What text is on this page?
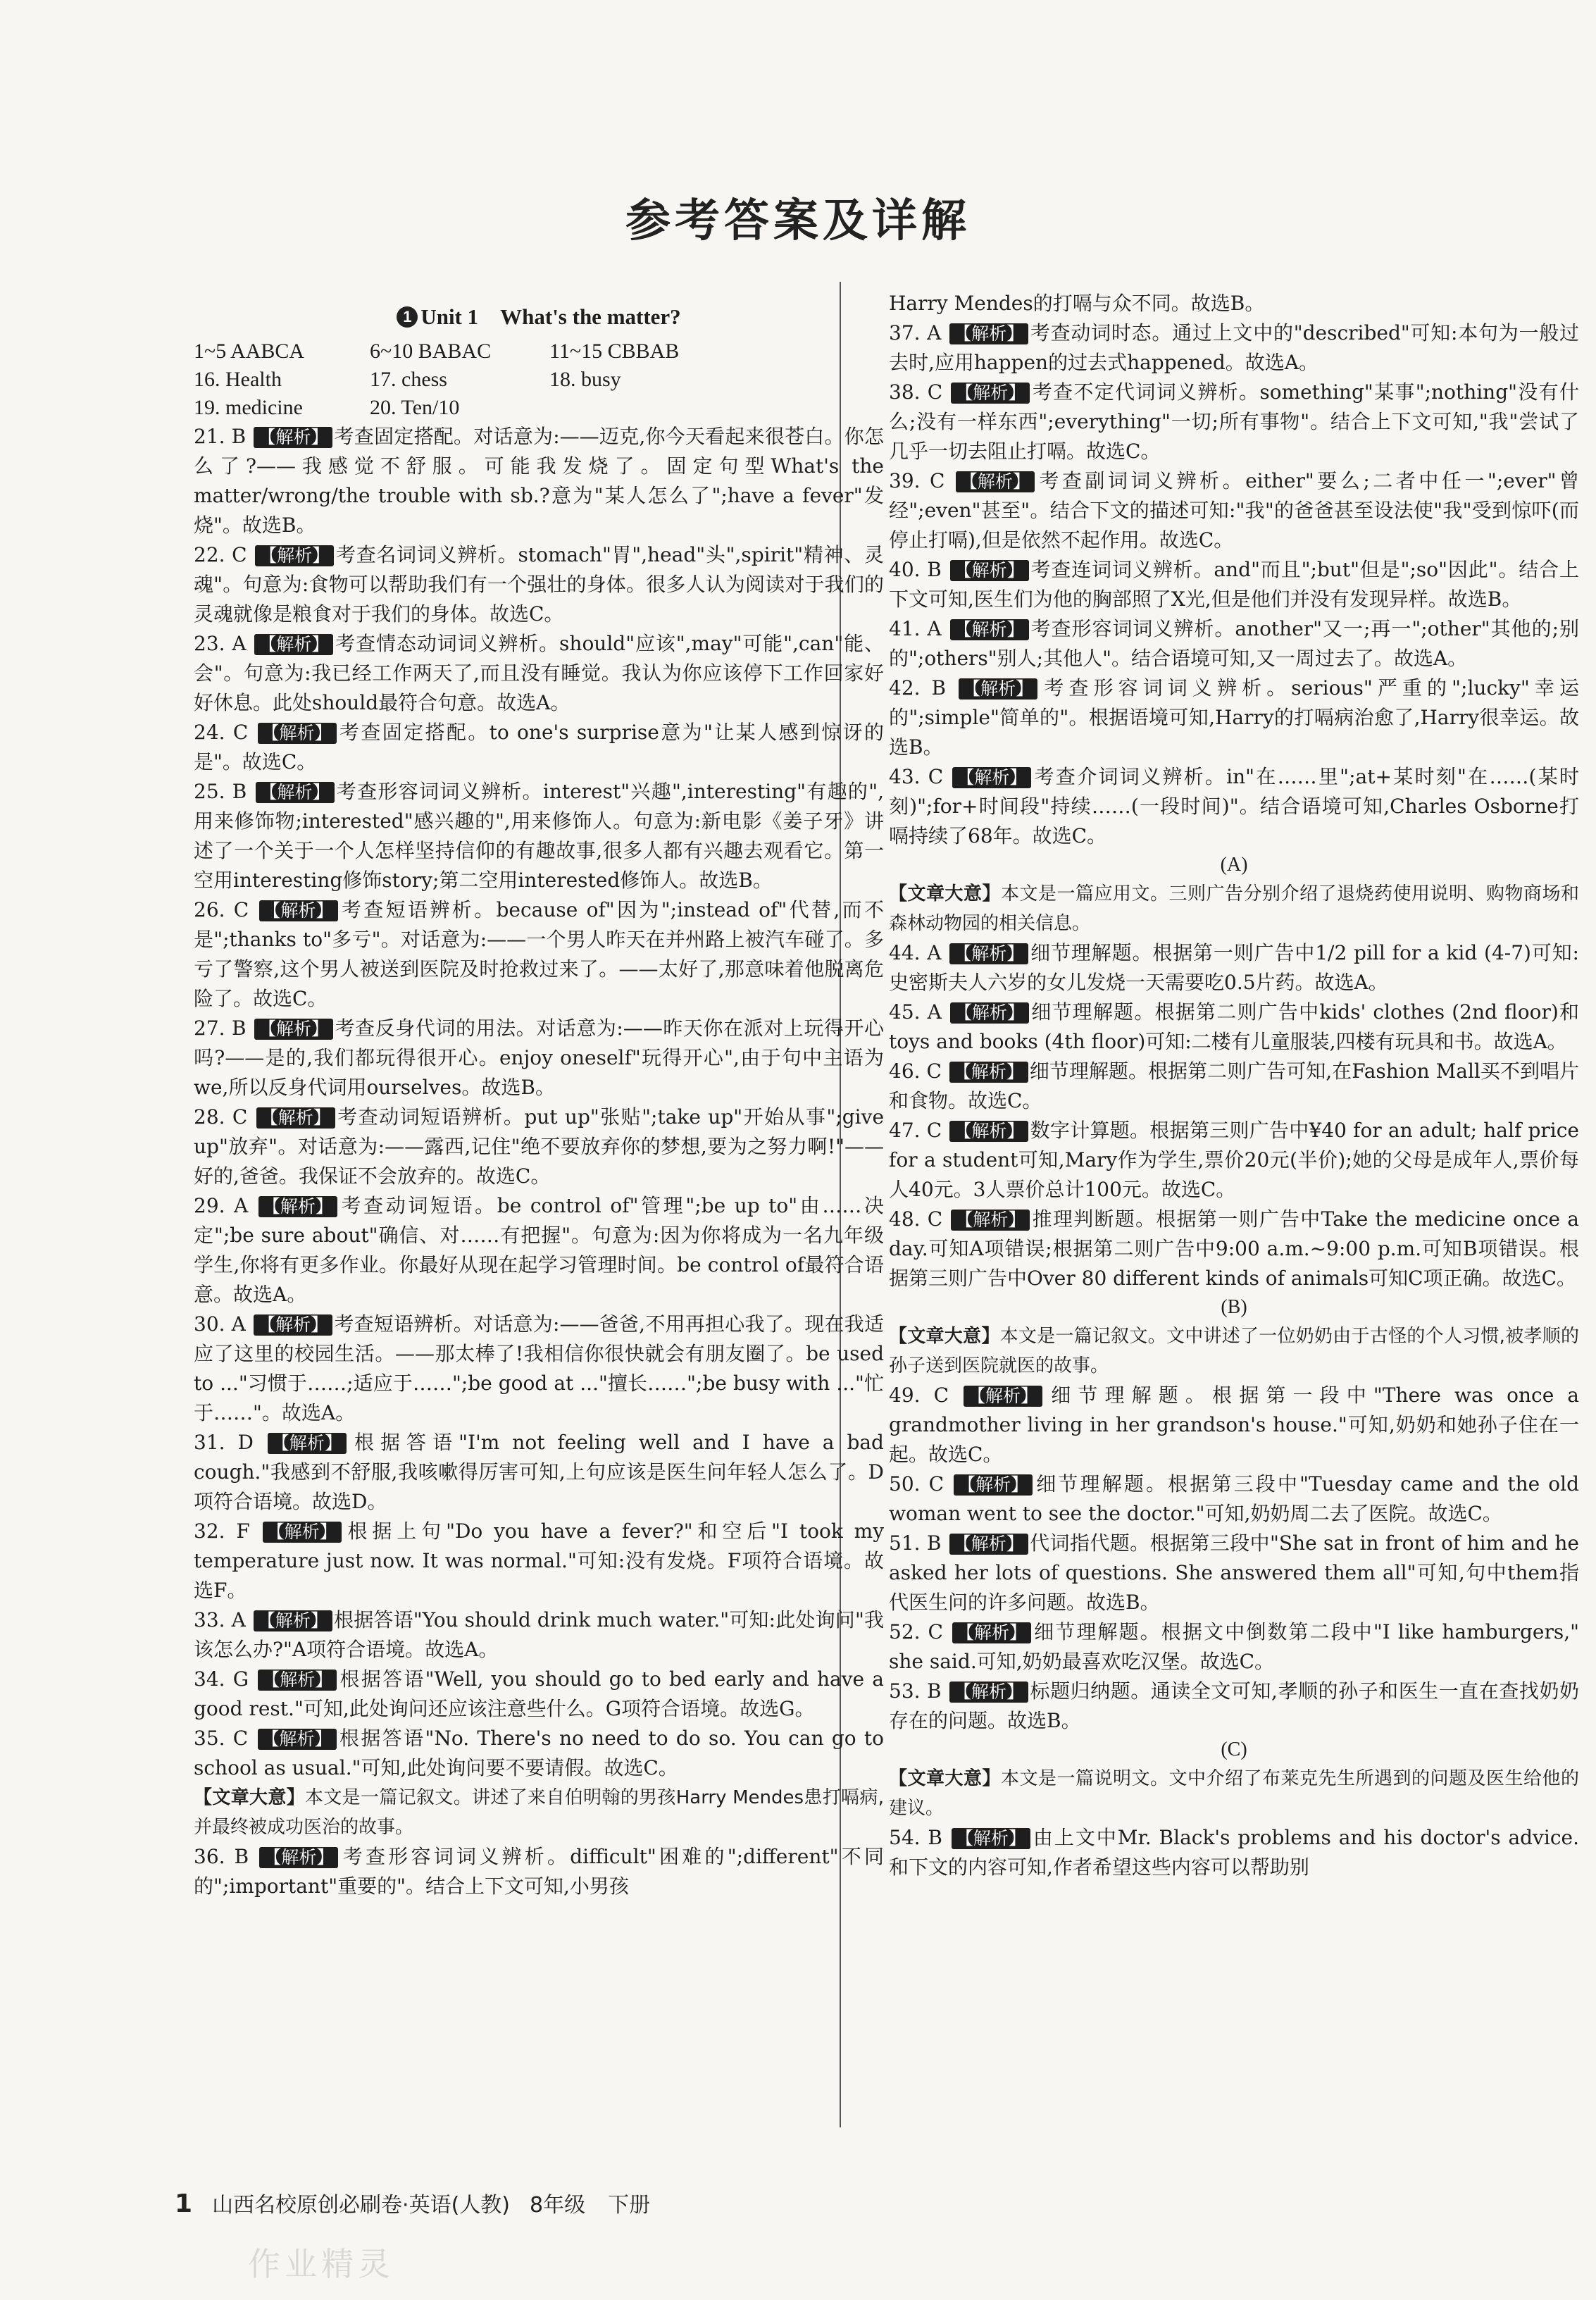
参考答案及详解
1 Unit 1　What's the matter?
1~5 AABCA	6~10 BABAC	11~15 CBBAB
16. Health	17. chess	18. busy
19. medicine	20. Ten/10

21. B 【解析】 考查固定搭配。对话意为:——迈克,你今天看起来很苍白。你怎么了?——我感觉不舒服。可能我发烧了。固定句型What's the matter/wrong/the trouble with sb.?意为"某人怎么了";have a fever"发烧"。故选B。

22. C 【解析】 考查名词词义辨析。stomach"胃",head"头",spirit"精神、灵魂"。句意为:食物可以帮助我们有一个强壮的身体。很多人认为阅读对于我们的灵魂就像是粮食对于我们的身体。故选C。

23. A 【解析】 考查情态动词词义辨析。should"应该",may"可能",can"能、会"。句意为:我已经工作两天了,而且没有睡觉。我认为你应该停下工作回家好好休息。此处should最符合句意。故选A。

24. C 【解析】 考查固定搭配。to one's surprise意为"让某人感到惊讶的是"。故选C。

25. B 【解析】 考查形容词词义辨析。interest"兴趣",interesting"有趣的",用来修饰物;interested"感兴趣的",用来修饰人。句意为:新电影《姜子牙》讲述了一个关于一个人怎样坚持信仰的有趣故事,很多人都有兴趣去观看它。第一空用interesting修饰story;第二空用interested修饰人。故选B。

26. C 【解析】 考查短语辨析。because of"因为";instead of"代替,而不是";thanks to"多亏"。对话意为:——一个男人昨天在并州路上被汽车碰了。多亏了警察,这个男人被送到医院及时抢救过来了。——太好了,那意味着他脱离危险了。故选C。

27. B 【解析】 考查反身代词的用法。对话意为:——昨天你在派对上玩得开心吗?——是的,我们都玩得很开心。enjoy oneself"玩得开心",由于句中主语为we,所以反身代词用ourselves。故选B。

28. C 【解析】 考查动词短语辨析。put up"张贴";take up"开始从事";give up"放弃"。对话意为:——露西,记住"绝不要放弃你的梦想,要为之努力啊!"——好的,爸爸。我保证不会放弃的。故选C。

29. A 【解析】 考查动词短语。be control of"管理";be up to"由……决定";be sure about"确信、对……有把握"。句意为:因为你将成为一名九年级学生,你将有更多作业。你最好从现在起学习管理时间。be control of最符合语意。故选A。

30. A 【解析】 考查短语辨析。对话意为:——爸爸,不用再担心我了。现在我适应了这里的校园生活。——那太棒了!我相信你很快就会有朋友圈了。be used to ..."习惯于……;适应于……";be good at ..."擅长……";be busy with ..."忙于……"。故选A。

31. D 【解析】 根据答语"I'm not feeling well and I have a bad cough."我感到不舒服,我咳嗽得厉害可知,上句应该是医生问年轻人怎么了。D项符合语境。故选D。

32. F 【解析】 根据上句"Do you have a fever?"和空后"I took my temperature just now. It was normal."可知:没有发烧。F项符合语境。故选F。

33. A 【解析】 根据答语"You should drink much water."可知:此处询问"我该怎么办?"A项符合语境。故选A。

34. G 【解析】 根据答语"Well, you should go to bed early and have a good rest."可知,此处询问还应该注意些什么。G项符合语境。故选G。

35. C 【解析】 根据答语"No. There's no need to do so. You can go to school as usual."可知,此处询问要不要请假。故选C。

【文章大意】本文是一篇记叙文。讲述了来自伯明翰的男孩Harry Mendes患打嗝病,并最终被成功医治的故事。

36. B 【解析】 考查形容词词义辨析。difficult"困难的";different"不同的";important"重要的"。结合上下文可知,小男孩

Harry Mendes的打嗝与众不同。故选B。

37. A 【解析】 考查动词时态。通过上文中的"described"可知:本句为一般过去时,应用happen的过去式happened。故选A。

38. C 【解析】 考查不定代词词义辨析。something"某事";nothing"没有什么;没有一样东西";everything"一切;所有事物"。结合上下文可知,"我"尝试了几乎一切去阻止打嗝。故选C。

39. C 【解析】 考查副词词义辨析。either"要么;二者中任一";ever"曾经";even"甚至"。结合下文的描述可知:"我"的爸爸甚至设法使"我"受到惊吓(而停止打嗝),但是依然不起作用。故选C。

40. B 【解析】 考查连词词义辨析。and"而且";but"但是";so"因此"。结合上下文可知,医生们为他的胸部照了X光,但是他们并没有发现异样。故选B。

41. A 【解析】 考查形容词词义辨析。another"又一;再一";other"其他的;别的";others"别人;其他人"。结合语境可知,又一周过去了。故选A。

42. B 【解析】 考查形容词词义辨析。serious"严重的";lucky"幸运的";simple"简单的"。根据语境可知,Harry的打嗝病治愈了,Harry很幸运。故选B。

43. C 【解析】 考查介词词义辨析。in"在……里";at+某时刻"在……(某时刻)";for+时间段"持续……(一段时间)"。结合语境可知,Charles Osborne打嗝持续了68年。故选C。

(A)

【文章大意】本文是一篇应用文。三则广告分别介绍了退烧药使用说明、购物商场和森林动物园的相关信息。

44. A 【解析】 细节理解题。根据第一则广告中1/2 pill for a kid (4-7)可知:史密斯夫人六岁的女儿发烧一天需要吃0.5片药。故选A。

45. A 【解析】 细节理解题。根据第二则广告中kids' clothes (2nd floor)和toys and books (4th floor)可知:二楼有儿童服装,四楼有玩具和书。故选A。

46. C 【解析】 细节理解题。根据第二则广告可知,在Fashion Mall买不到唱片和食物。故选C。

47. C 【解析】 数字计算题。根据第三则广告中¥40 for an adult; half price for a student可知,Mary作为学生,票价20元(半价);她的父母是成年人,票价每人40元。3人票价总计100元。故选C。

48. C 【解析】 推理判断题。根据第一则广告中Take the medicine once a day.可知A项错误;根据第二则广告中9:00 a.m.~9:00 p.m.可知B项错误。根据第三则广告中Over 80 different kinds of animals可知C项正确。故选C。

(B)

【文章大意】本文是一篇记叙文。文中讲述了一位奶奶由于古怪的个人习惯,被孝顺的孙子送到医院就医的故事。

49. C 【解析】 细节理解题。根据第一段中"There was once a grandmother living in her grandson's house."可知,奶奶和她孙子住在一起。故选C。

50. C 【解析】 细节理解题。根据第三段中"Tuesday came and the old woman went to see the doctor."可知,奶奶周二去了医院。故选C。

51. B 【解析】 代词指代题。根据第三段中"She sat in front of him and he asked her lots of questions. She answered them all"可知,句中them指代医生问的许多问题。故选B。

52. C 【解析】 细节理解题。根据文中倒数第二段中"I like hamburgers," she said.可知,奶奶最喜欢吃汉堡。故选C。

53. B 【解析】 标题归纳题。通读全文可知,孝顺的孙子和医生一直在查找奶奶存在的问题。故选B。

(C)

【文章大意】本文是一篇说明文。文中介绍了布莱克先生所遇到的问题及医生给他的建议。

54. B 【解析】 由上文中Mr. Black's problems and his doctor's advice.和下文的内容可知,作者希望这些内容可以帮助别

1 山西名校原创必刷卷·英语(人教) 8年级 下册
作业精灵
